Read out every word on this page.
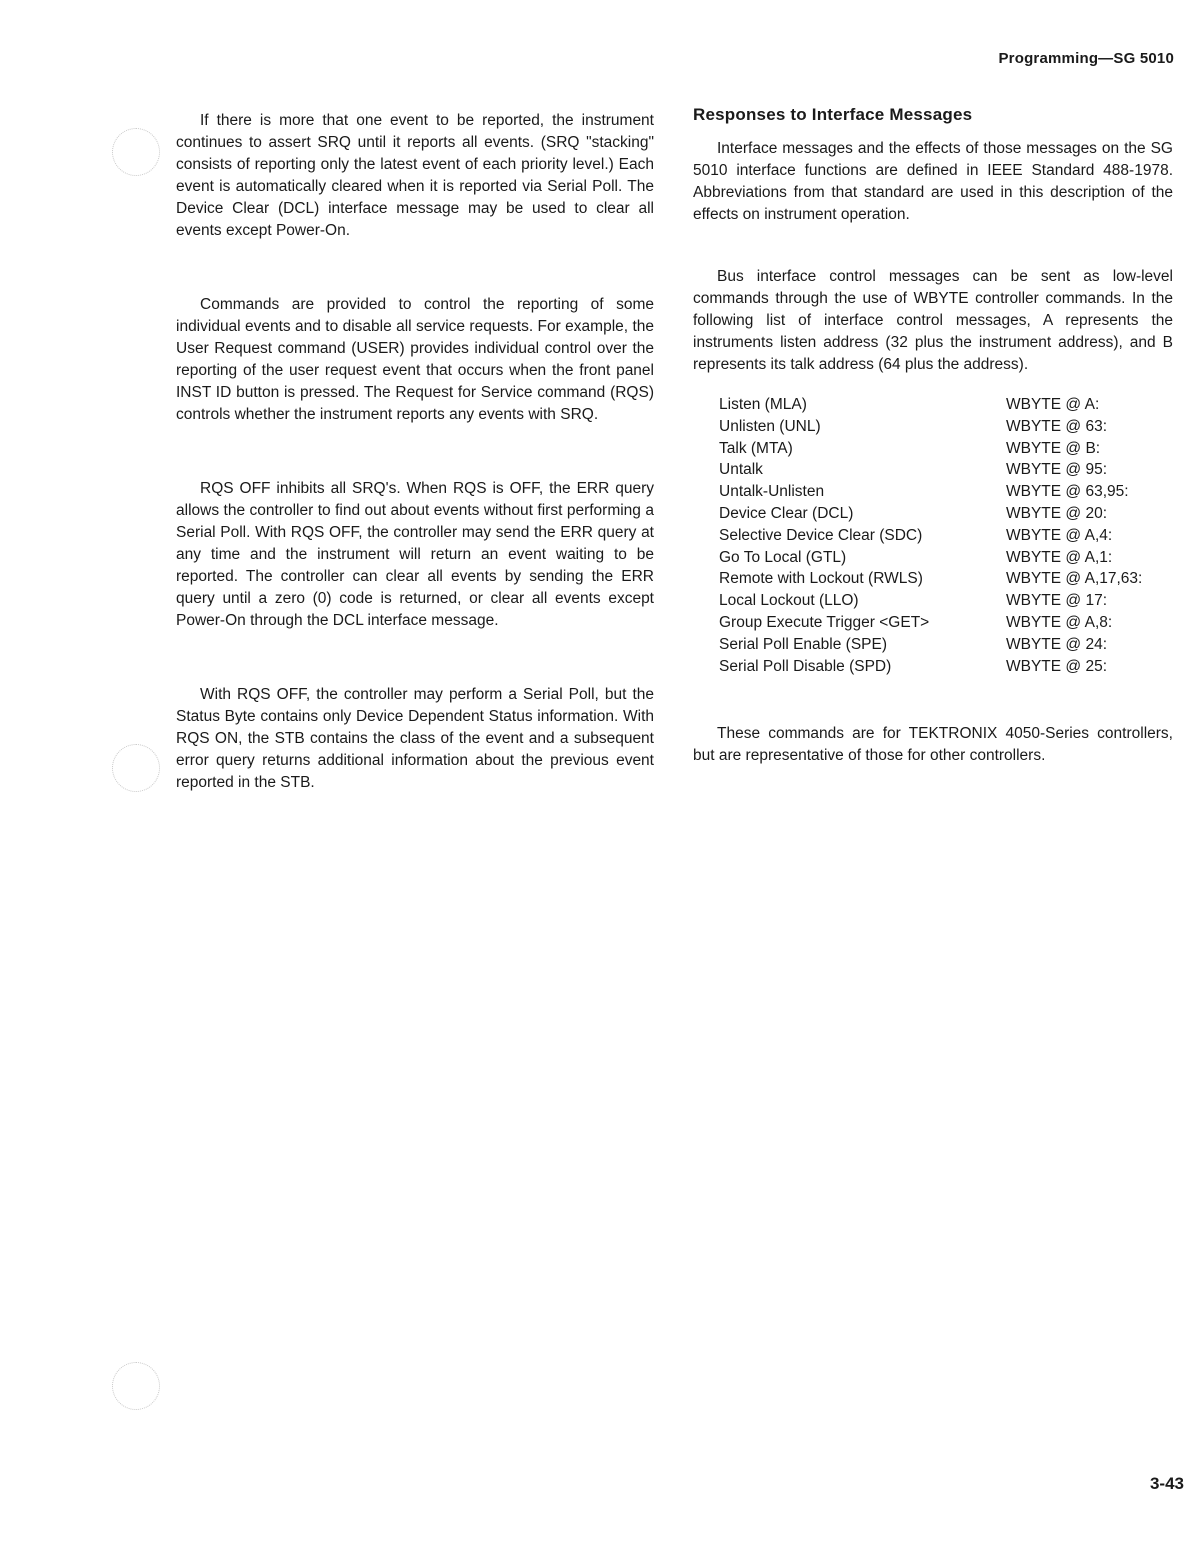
Programming—SG 5010

If there is more that one event to be reported, the instrument continues to assert SRQ until it reports all events. (SRQ "stacking" consists of reporting only the latest event of each priority level.) Each event is automatically cleared when it is reported via Serial Poll. The Device Clear (DCL) interface message may be used to clear all events except Power-On.

Commands are provided to control the reporting of some individual events and to disable all service requests. For example, the User Request command (USER) provides individual control over the reporting of the user request event that occurs when the front panel INST ID button is pressed. The Request for Service command (RQS) controls whether the instrument reports any events with SRQ.

RQS OFF inhibits all SRQ's. When RQS is OFF, the ERR query allows the controller to find out about events without first performing a Serial Poll. With RQS OFF, the controller may send the ERR query at any time and the instrument will return an event waiting to be reported. The controller can clear all events by sending the ERR query until a zero (0) code is returned, or clear all events except Power-On through the DCL interface message.

With RQS OFF, the controller may perform a Serial Poll, but the Status Byte contains only Device Dependent Status information. With RQS ON, the STB contains the class of the event and a subsequent error query returns additional information about the previous event reported in the STB.

Responses to Interface Messages

Interface messages and the effects of those messages on the SG 5010 interface functions are defined in IEEE Standard 488-1978. Abbreviations from that standard are used in this description of the effects on instrument operation.

Bus interface control messages can be sent as low-level commands through the use of WBYTE controller commands. In the following list of interface control messages, A represents the instruments listen address (32 plus the instrument address), and B represents its talk address (64 plus the address).

Listen (MLA)	WBYTE @ A:
Unlisten (UNL)	WBYTE @ 63:
Talk (MTA)	WBYTE @ B:
Untalk	WBYTE @ 95:
Untalk-Unlisten	WBYTE @ 63,95:
Device Clear (DCL)	WBYTE @ 20:
Selective Device Clear (SDC)	WBYTE @ A,4:
Go To Local (GTL)	WBYTE @ A,1:
Remote with Lockout (RWLS)	WBYTE @ A,17,63:
Local Lockout (LLO)	WBYTE @ 17:
Group Execute Trigger <GET>	WBYTE @ A,8:
Serial Poll Enable (SPE)	WBYTE @ 24:
Serial Poll Disable (SPD)	WBYTE @ 25:

These commands are for TEKTRONIX 4050-Series controllers, but are representative of those for other controllers.

3-43
